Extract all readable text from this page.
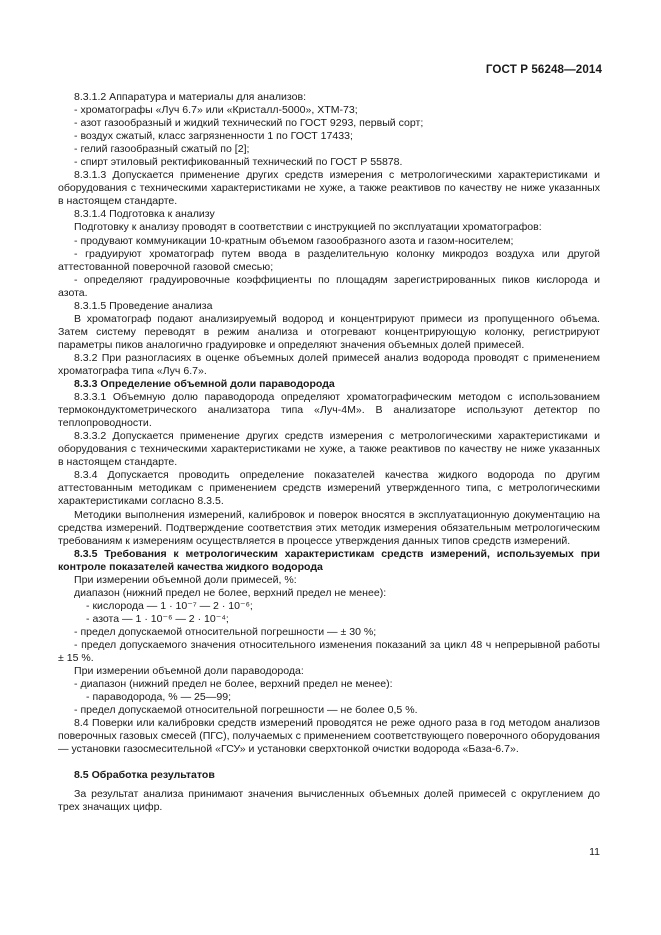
ГОСТ Р 56248—2014

8.3.1.2 Аппаратура и материалы для анализов:

- хроматографы «Луч 6.7» или «Кристалл-5000», ХТМ-73;

- азот газообразный и жидкий технический по ГОСТ 9293, первый сорт;

- воздух сжатый, класс загрязненности 1 по ГОСТ 17433;

- гелий газообразный сжатый по [2];

- спирт этиловый ректификованный технический по ГОСТ Р 55878.

8.3.1.3 Допускается применение других средств измерения с метрологическими характеристиками и оборудования с техническими характеристиками не хуже, а также реактивов по качеству не ниже указанных в настоящем стандарте.

8.3.1.4 Подготовка к анализу

Подготовку к анализу проводят в соответствии с инструкцией по эксплуатации хроматографов:

- продувают коммуникации 10-кратным объемом газообразного азота и газом-носителем;

- градуируют хроматограф путем ввода в разделительную колонку микродоз воздуха или другой аттестованной поверочной газовой смесью;

- определяют градуировочные коэффициенты по площадям зарегистрированных пиков кислорода и азота.

8.3.1.5 Проведение анализа

В хроматограф подают анализируемый водород и концентрируют примеси из пропущенного объема. Затем систему переводят в режим анализа и отогревают концентрирующую колонку, регистрируют параметры пиков аналогично градуировке и определяют значения объемных долей примесей.

8.3.2 При разногласиях в оценке объемных долей примесей анализ водорода проводят с применением хроматографа типа «Луч 6.7».

8.3.3 Определение объемной доли параводорода

8.3.3.1 Объемную долю параводорода определяют хроматографическим методом с использованием термокондуктометрического анализатора типа «Луч-4М». В анализаторе используют детектор по теплопроводности.

8.3.3.2 Допускается применение других средств измерения с метрологическими характеристиками и оборудования с техническими характеристиками не хуже, а также реактивов по качеству не ниже указанных в настоящем стандарте.

8.3.4 Допускается проводить определение показателей качества жидкого водорода по другим аттестованным методикам с применением средств измерений утвержденного типа, с метрологическими характеристиками согласно 8.3.5.

Методики выполнения измерений, калибровок и поверок вносятся в эксплуатационную документацию на средства измерений. Подтверждение соответствия этих методик измерения обязательным метрологическим требованиям к измерениям осуществляется в процессе утверждения данных типов средств измерений.

8.3.5 Требования к метрологическим характеристикам средств измерений, используемых при контроле показателей качества жидкого водорода

При измерении объемной доли примесей, %:

диапазон (нижний предел не более, верхний предел не менее):

- кислорода — 1 · 10⁻⁷ — 2 · 10⁻⁶;

- азота — 1 · 10⁻⁶ — 2 · 10⁻⁴;

- предел допускаемой относительной погрешности — ± 30 %;

- предел допускаемого значения относительного изменения показаний за цикл 48 ч непрерывной работы ± 15 %.

При измерении объемной доли параводорода:

- диапазон (нижний предел не более, верхний предел не менее):

- параводорода, % — 25—99;

- предел допускаемой относительной погрешности — не более 0,5 %.

8.4 Поверки или калибровки средств измерений проводятся не реже одного раза в год методом анализов поверочных газовых смесей (ПГС), получаемых с применением соответствующего поверочного оборудования — установки газосмесительной «ГСУ» и установки сверхтонкой очистки водорода «База-6.7».

8.5 Обработка результатов

За результат анализа принимают значения вычисленных объемных долей примесей с округлением до трех значащих цифр.

11
